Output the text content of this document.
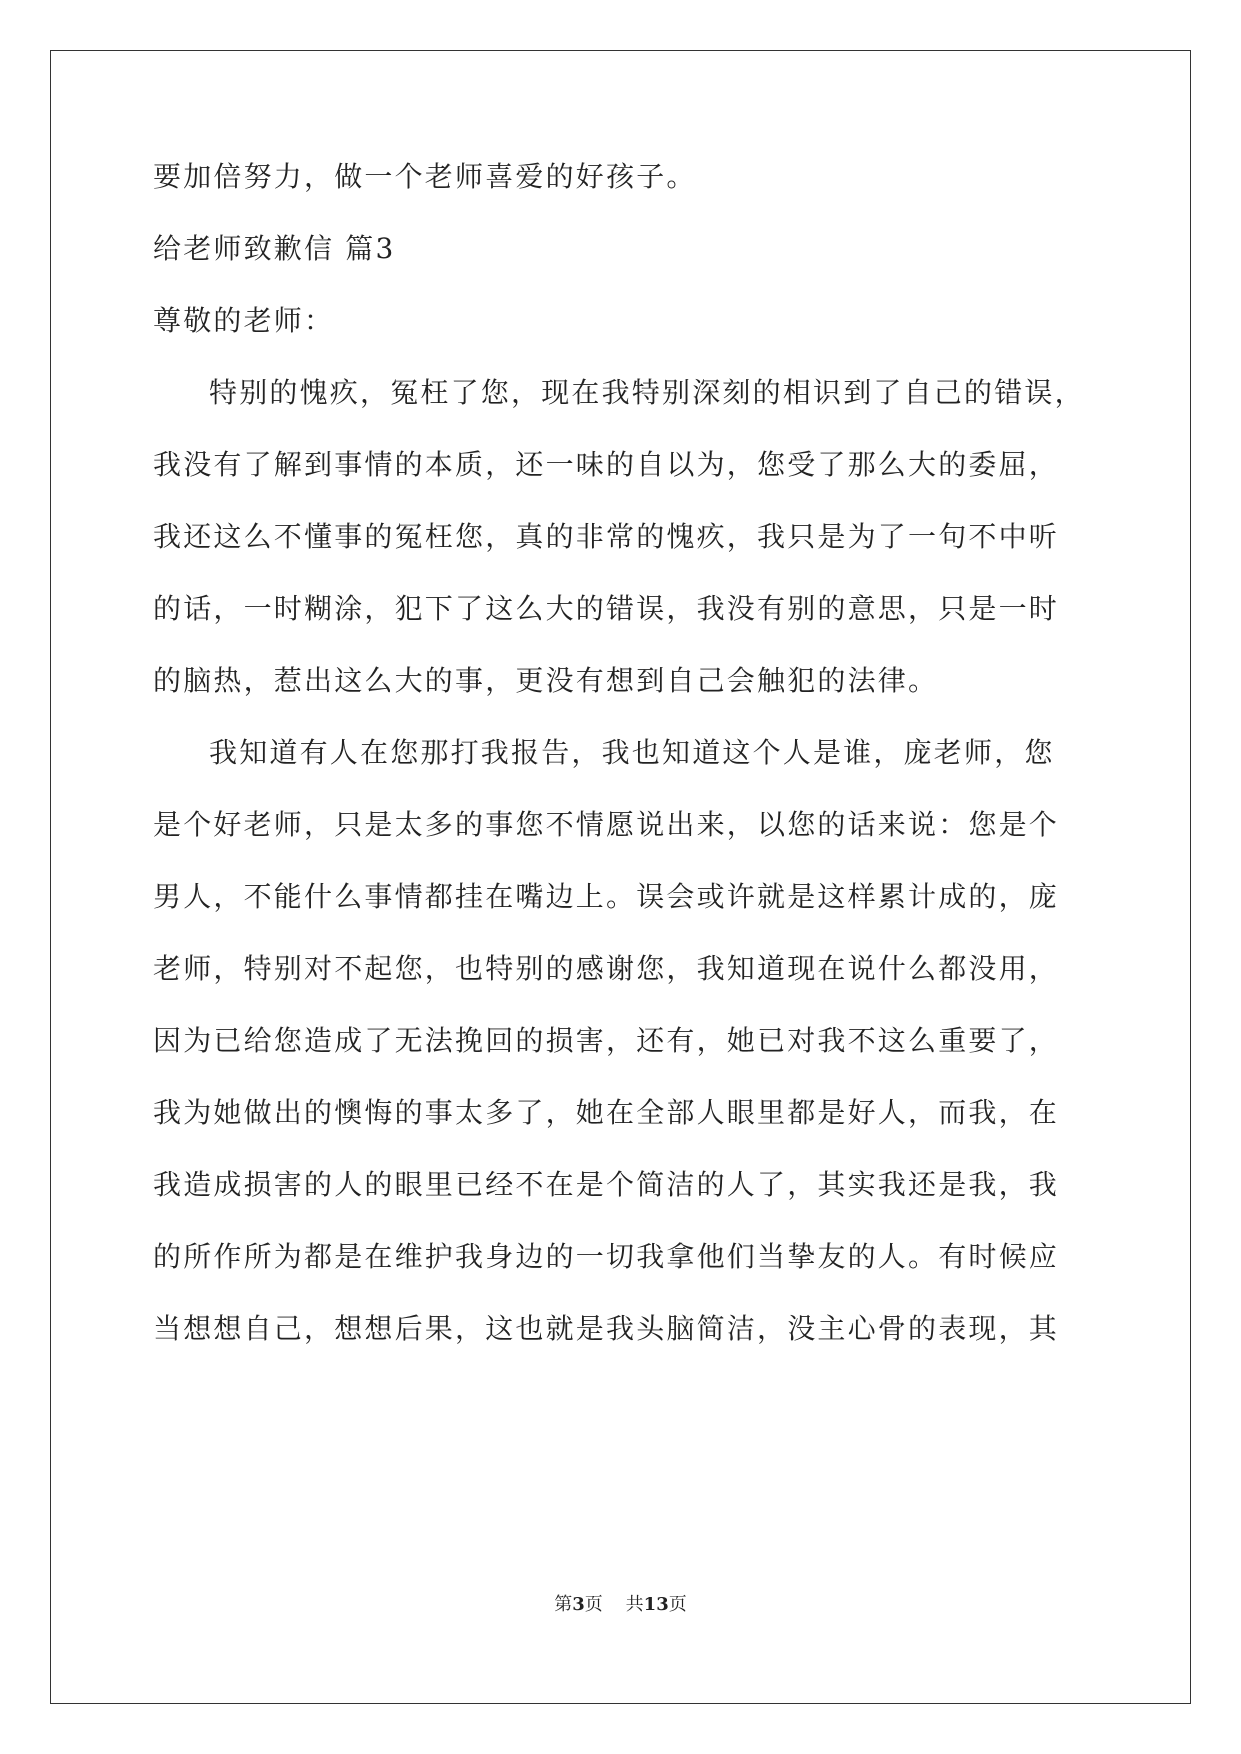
要加倍努力，做一个老师喜爱的好孩子。

给老师致歉信 篇3

尊敬的老师：

特别的愧疚，冤枉了您，现在我特别深刻的相识到了自己的错误，

我没有了解到事情的本质，还一味的自以为，您受了那么大的委屈，

我还这么不懂事的冤枉您，真的非常的愧疚，我只是为了一句不中听

的话，一时糊涂，犯下了这么大的错误，我没有别的意思，只是一时

的脑热，惹出这么大的事，更没有想到自己会触犯的法律。

我知道有人在您那打我报告，我也知道这个人是谁，庞老师，您

是个好老师，只是太多的事您不情愿说出来，以您的话来说：您是个

男人，不能什么事情都挂在嘴边上。误会或许就是这样累计成的，庞

老师，特别对不起您，也特别的感谢您，我知道现在说什么都没用，

因为已给您造成了无法挽回的损害，还有，她已对我不这么重要了，

我为她做出的懊悔的事太多了，她在全部人眼里都是好人，而我，在

我造成损害的人的眼里已经不在是个简洁的人了，其实我还是我，我

的所作所为都是在维护我身边的一切我拿他们当挚友的人。有时候应

当想想自己，想想后果，这也就是我头脑简洁，没主心骨的表现，其

第3页 共13页
